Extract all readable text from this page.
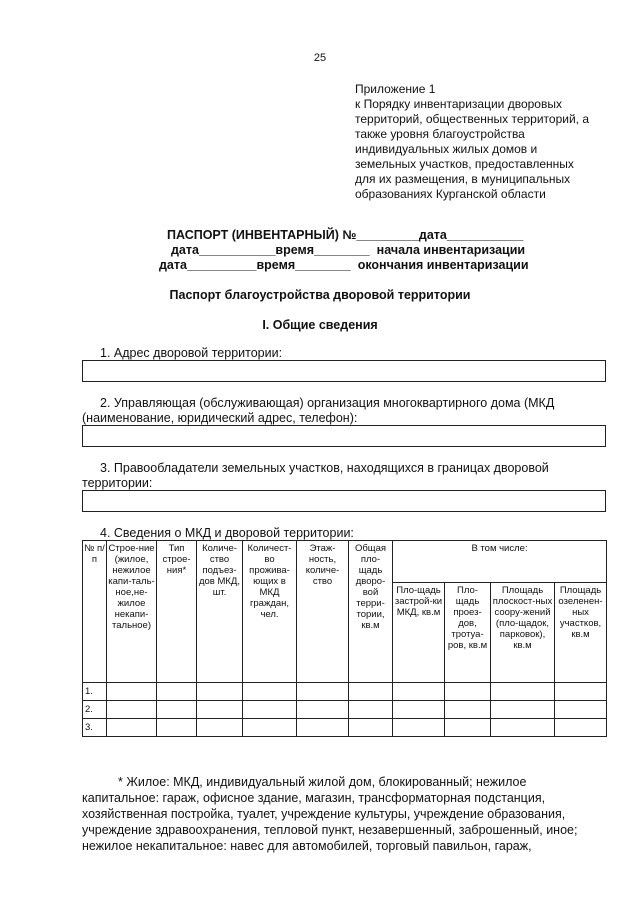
25
Приложение 1
к Порядку инвентаризации дворовых
территорий, общественных территорий, а
также уровня благоустройства
индивидуальных жилых домов и
земельных участков, предоставленных
для их размещения, в муниципальных
образованиях Курганской области
ПАСПОРТ (ИНВЕНТАРНЫЙ) №_________дата___________
дата___________время________  начала инвентаризации
дата__________время________  окончания инвентаризации
Паспорт благоустройства дворовой территории
I. Общие сведения
1. Адрес дворовой территории:
2. Управляющая (обслуживающая) организация многоквартирного дома (МКД
(наименование, юридический адрес, телефон):
3. Правообладатели земельных участков, находящихся в границах дворовой
территории:
4. Сведения о МКД и дворовой территории:
№ п/п	Строе-ние (жилое, нежилое капи-таль-ное,не-жилое некапи-тальное)	Тип строе-ния*	Количе-ство подъез-дов МКД, шт.	Количест-во прожива-ющих в МКД граждан, чел.	Этаж-ность, количе-ство	Общая пло-щадь дворо-вой терри-тории, кв.м	В том числе:			
							Пло-щадь застрой-ки МКД, кв.м	Пло-щадь проез-дов, тротуа-ров, кв.м	Площадь плоскост-ных соору-жений (пло-щадок, парковок), кв.м	Площадь озеленен-ных участков, кв.м
1.										
2.										
3.										
* Жилое: МКД, индивидуальный жилой дом, блокированный; нежилое
капитальное: гараж, офисное здание, магазин, трансформаторная подстанция,
хозяйственная постройка, туалет, учреждение культуры, учреждение образования,
учреждение здравоохранения, тепловой пункт, незавершенный, заброшенный, иное;
нежилое некапитальное: навес для автомобилей, торговый павильон, гараж,
